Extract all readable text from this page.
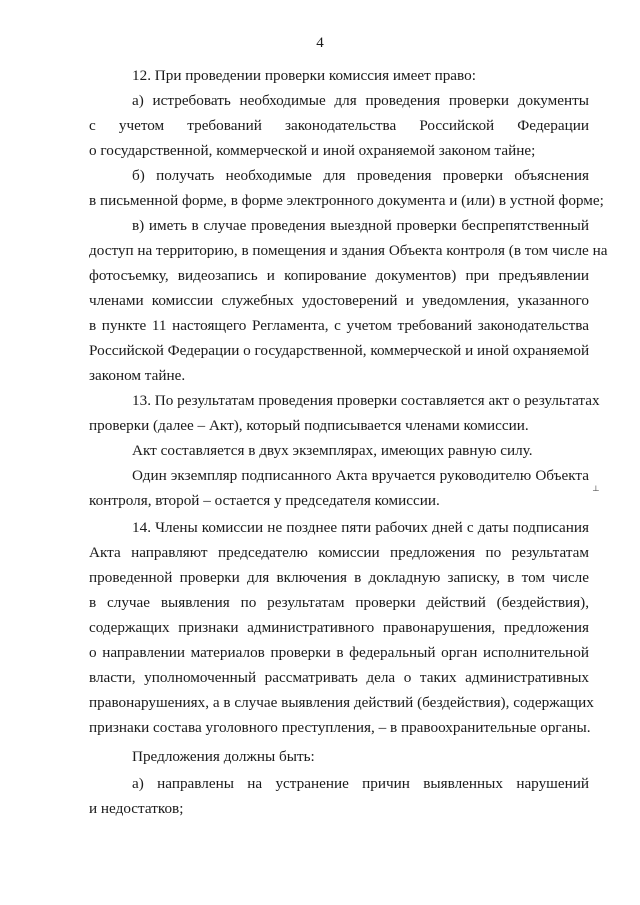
4
12. При проведении проверки комиссия имеет право:
а) истребовать необходимые для проведения проверки документы
с учетом требований законодательства Российской Федерации
о государственной, коммерческой и иной охраняемой законом тайне;
б) получать необходимые для проведения проверки объяснения
в письменной форме, в форме электронного документа и (или) в устной форме;
в) иметь в случае проведения выездной проверки беспрепятственный
доступ на территорию, в помещения и здания Объекта контроля (в том числе на
фотосъемку, видеозапись и копирование документов) при предъявлении
членами комиссии служебных удостоверений и уведомления, указанного
в пункте 11 настоящего Регламента, с учетом требований законодательства
Российской Федерации о государственной, коммерческой и иной охраняемой
законом тайне.
13. По результатам проведения проверки составляется акт о результатах
проверки (далее – Акт), который подписывается членами комиссии.
Акт составляется в двух экземплярах, имеющих равную силу.
Один экземпляр подписанного Акта вручается руководителю Объекта
контроля, второй – остается у председателя комиссии.
14. Члены комиссии не позднее пяти рабочих дней с даты подписания
Акта направляют председателю комиссии предложения по результатам
проведенной проверки для включения в докладную записку, в том числе
в случае выявления по результатам проверки действий (бездействия),
содержащих признаки административного правонарушения, предложения
о направлении материалов проверки в федеральный орган исполнительной
власти, уполномоченный рассматривать дела о таких административных
правонарушениях, а в случае выявления действий (бездействия), содержащих
признаки состава уголовного преступления, – в правоохранительные органы.
Предложения должны быть:
а) направлены на устранение причин выявленных нарушений
и недостатков;
⊥
